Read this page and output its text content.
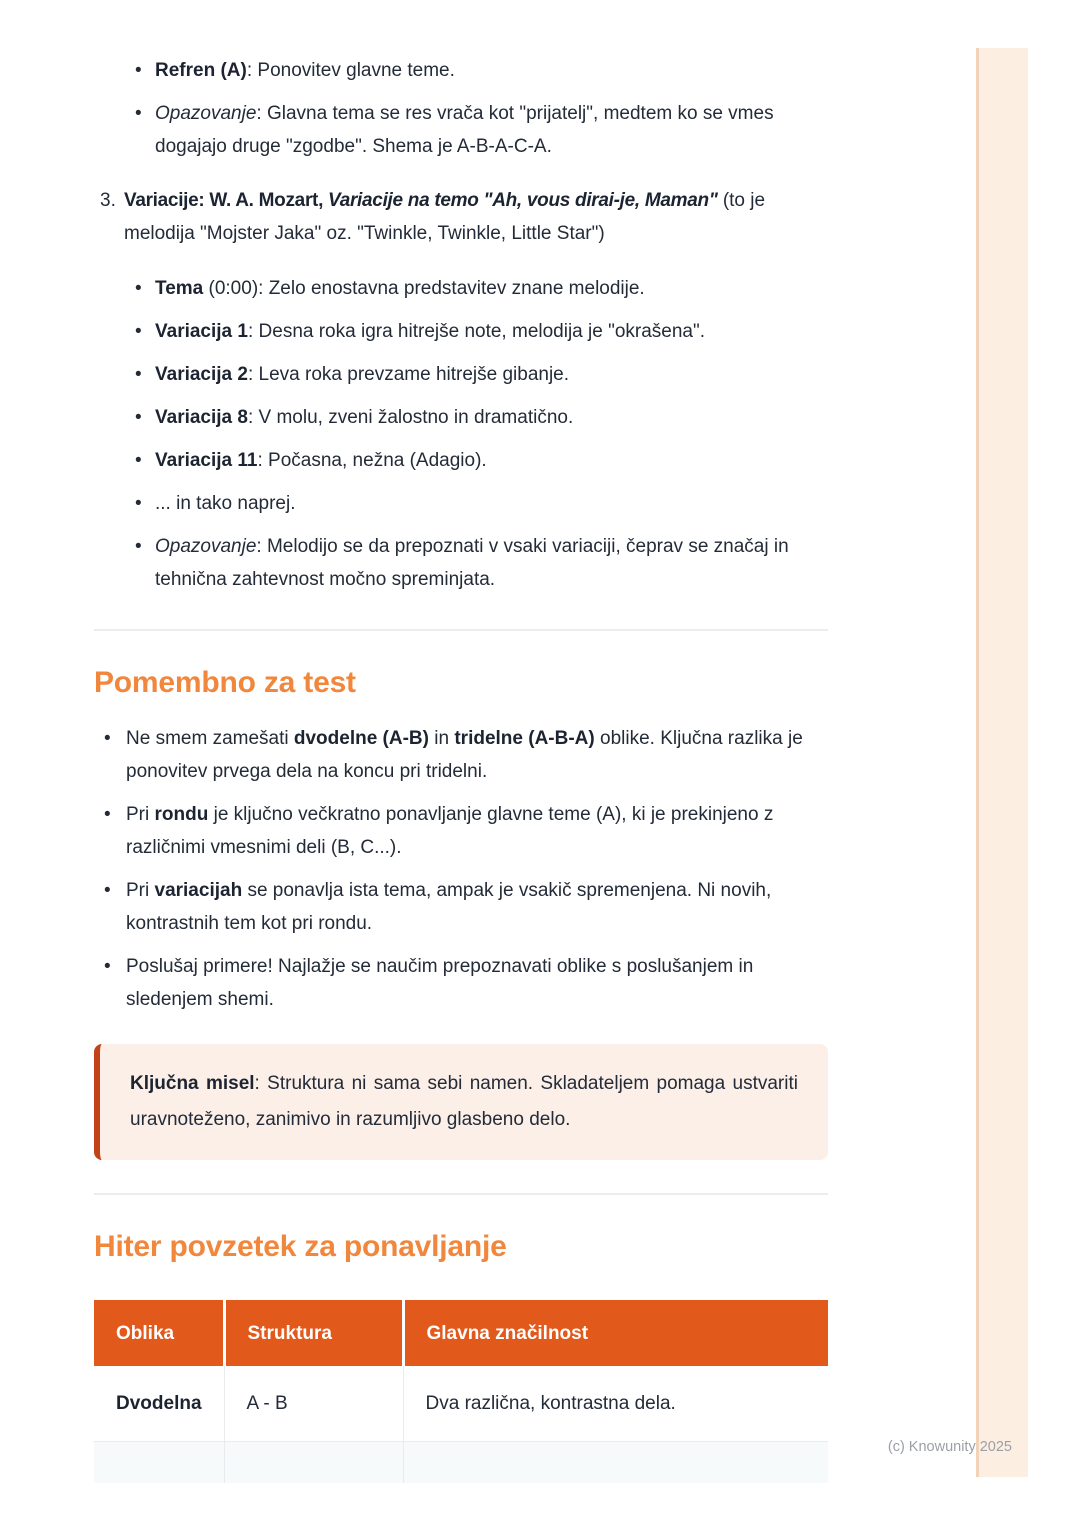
• Refren (A): Ponovitev glavne teme.
• Opazovanje: Glavna tema se res vrača kot "prijatelj", medtem ko se vmes dogajajo druge "zgodbe". Shema je A-B-A-C-A.
3. Variacije: W. A. Mozart, Variacije na temo "Ah, vous dirai-je, Maman" (to je melodija "Mojster Jaka" oz. "Twinkle, Twinkle, Little Star")
• Tema (0:00): Zelo enostavna predstavitev znane melodije.
• Variacija 1: Desna roka igra hitrejše note, melodija je "okrašena".
• Variacija 2: Leva roka prevzame hitrejše gibanje.
• Variacija 8: V molu, zveni žalostno in dramatično.
• Variacija 11: Počasna, nežna (Adagio).
• ... in tako naprej.
• Opazovanje: Melodijo se da prepoznati v vsaki variaciji, čeprav se značaj in tehnična zahtevnost močno spreminjata.
Pomembno za test
• Ne smem zamešati dvodelne (A-B) in tridelne (A-B-A) oblike. Ključna razlika je ponovitev prvega dela na koncu pri tridelni.
• Pri rondu je ključno večkratno ponavljanje glavne teme (A), ki je prekinjeno z različnimi vmesnimi deli (B, C...).
• Pri variacijah se ponavlja ista tema, ampak je vsakič spremenjena. Ni novih, kontrastnih tem kot pri rondu.
• Poslušaj primere! Najlažje se naučim prepoznavati oblike s poslušanjem in sledenjem shemi.

Ključna misel: Struktura ni sama sebi namen. Skladateljem pomaga ustvariti uravnoteženo, zanimivo in razumljivo glasbeno delo.

Hiter povzetek za ponavljanje
Oblika	Struktura	Glavna značilnost
Dvodelna	A - B	Dva različna, kontrastna dela.

(c) Knowunity 2025
